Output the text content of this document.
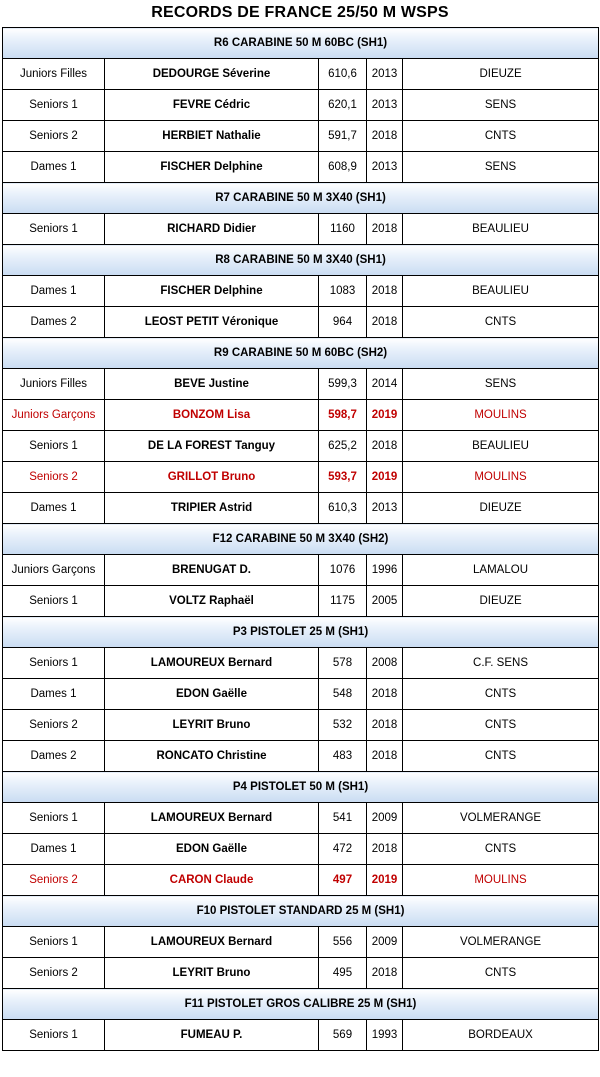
RECORDS DE FRANCE 25/50 M WSPS
R6 CARABINE 50 M 60BC (SH1)				
Juniors Filles	DEDOURGE Séverine	610,6	2013	DIEUZE
Seniors 1	FEVRE Cédric	620,1	2013	SENS
Seniors 2	HERBIET Nathalie	591,7	2018	CNTS
Dames 1	FISCHER Delphine	608,9	2013	SENS
R7 CARABINE 50 M 3X40 (SH1)				
Seniors 1	RICHARD Didier	1160	2018	BEAULIEU
R8 CARABINE 50 M 3X40 (SH1)				
Dames 1	FISCHER Delphine	1083	2018	BEAULIEU
Dames 2	LEOST PETIT Véronique	964	2018	CNTS
R9 CARABINE 50 M 60BC (SH2)				
Juniors Filles	BEVE Justine	599,3	2014	SENS
Juniors Garçons	BONZOM Lisa	598,7	2019	MOULINS
Seniors 1	DE LA FOREST Tanguy	625,2	2018	BEAULIEU
Seniors 2	GRILLOT Bruno	593,7	2019	MOULINS
Dames 1	TRIPIER Astrid	610,3	2013	DIEUZE
F12 CARABINE 50 M 3X40 (SH2)				
Juniors Garçons	BRENUGAT D.	1076	1996	LAMALOU
Seniors 1	VOLTZ Raphaël	1175	2005	DIEUZE
P3 PISTOLET 25 M (SH1)				
Seniors 1	LAMOUREUX Bernard	578	2008	C.F. SENS
Dames 1	EDON Gaëlle	548	2018	CNTS
Seniors 2	LEYRIT Bruno	532	2018	CNTS
Dames 2	RONCATO Christine	483	2018	CNTS
P4 PISTOLET 50 M (SH1)				
Seniors 1	LAMOUREUX Bernard	541	2009	VOLMERANGE
Dames 1	EDON Gaëlle	472	2018	CNTS
Seniors 2	CARON Claude	497	2019	MOULINS
F10 PISTOLET STANDARD 25 M (SH1)				
Seniors 1	LAMOUREUX Bernard	556	2009	VOLMERANGE
Seniors 2	LEYRIT Bruno	495	2018	CNTS
F11 PISTOLET GROS CALIBRE 25 M (SH1)				
Seniors 1	FUMEAU P.	569	1993	BORDEAUX
